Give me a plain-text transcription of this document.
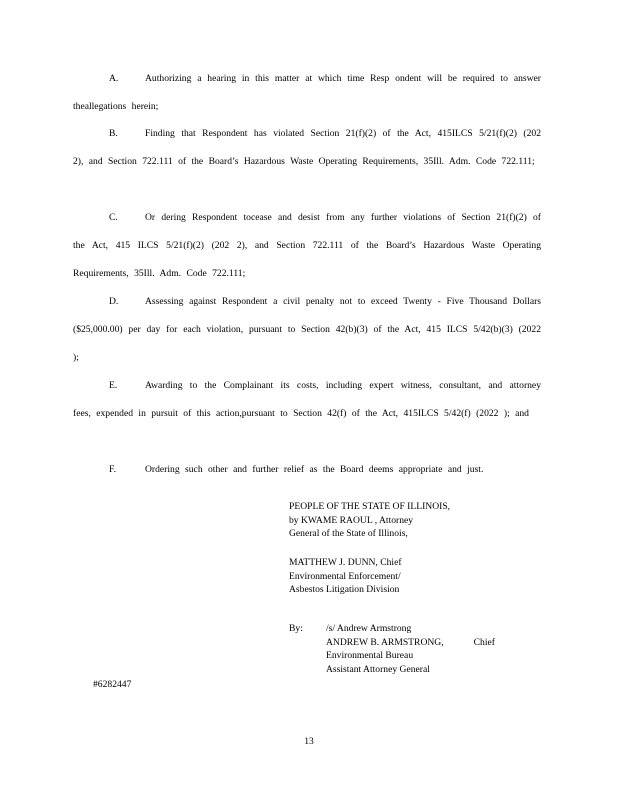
A.	Authorizing a hearing in this matter at which time Resp ondent will be required to answer theallegations herein;
B.	Finding that Respondent has violated Section 21(f)(2) of the Act, 415ILCS 5/21(f)(2) (202 2), and Section 722.111 of the Board’s Hazardous Waste Operating Requirements, 35Ill. Adm. Code 722.111;
C.	Or dering Respondent tocease and desist from any further violations of Section 21(f)(2) of the Act, 415 ILCS 5/21(f)(2) (202 2), and Section 722.111 of the Board’s Hazardous Waste Operating Requirements, 35Ill. Adm. Code 722.111;
D.	Assessing against Respondent a civil penalty not to exceed Twenty - Five Thousand Dollars ($25,000.00) per day for each violation, pursuant to Section 42(b)(3) of the Act, 415 ILCS 5/42(b)(3) (2022 );
E.	Awarding to the Complainant its costs, including expert witness, consultant, and attorney fees, expended in pursuit of this action,pursuant to Section 42(f) of the Act, 415ILCS 5/42(f) (2022 ); and
F.	Ordering such other and further relief as the Board deems appropriate and just.
PEOPLE OF THE STATE OF ILLINOIS,
by KWAME RAOUL , Attorney
General of the State of Illinois,
MATTHEW J. DUNN, Chief
Environmental Enforcement/
Asbestos Litigation Division
By: /s/ Andrew Armstrong
ANDREW B. ARMSTRONG,	Chief
Environmental Bureau
Assistant Attorney General
#6282447
13
